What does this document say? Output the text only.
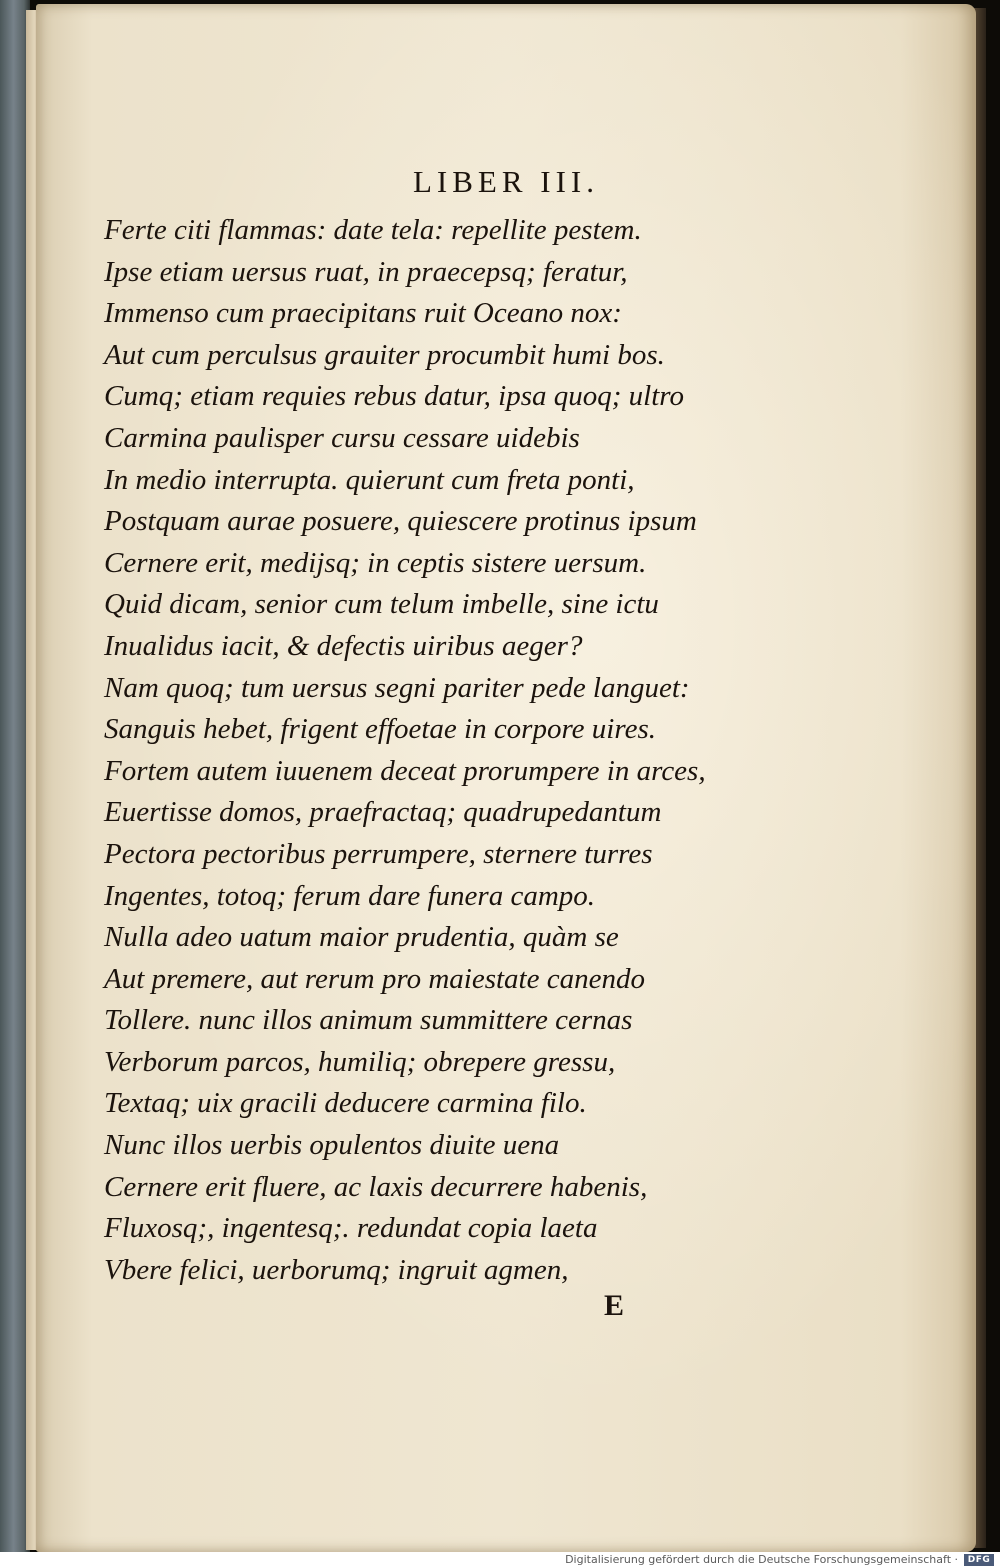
LIBER III.
Ferte citi flammas: date tela: repellite pestem.
Ipse etiam uersus ruat, in praecepsq; feratur,
Immenso cum praecipitans ruit Oceano nox:
Aut cum perculsus grauiter procumbit humi bos.
Cumq; etiam requies rebus datur, ipsa quoq; ultro
Carmina paulisper cursu cessare uidebis
In medio interrupta. quierunt cum freta ponti,
Postquam aurae posuere, quiescere protinus ipsum
Cernere erit, medijsq; in ceptis sistere uersum.
Quid dicam, senior cum telum imbelle, sine ictu
Inualidus iacit, & defectis uiribus aeger?
Nam quoq; tum uersus segni pariter pede languet:
Sanguis hebet, frigent effoetae in corpore uires.
Fortem autem iuuenem deceat prorumpere in arces,
Euertisse domos, praefractaq; quadrupedantum
Pectora pectoribus perrumpere, sternere turres
Ingentes, totoq; ferum dare funera campo.
Nulla adeo uatum maior prudentia, quàm se
Aut premere, aut rerum pro maiestate canendo
Tollere. nunc illos animum summittere cernas
Verborum parcos, humiliq; obrepere gressu,
Textaq; uix gracili deducere carmina filo.
Nunc illos uerbis opulentos diuite uena
Cernere erit fluere, ac laxis decurrere habenis,
Fluxosq;, ingentesq;. redundat copia laeta
Vbere felici, uerborumq; ingruit agmen,
E
Digitalisierung gefördert durch die Deutsche Forschungsgemeinschaft ·	DFG
